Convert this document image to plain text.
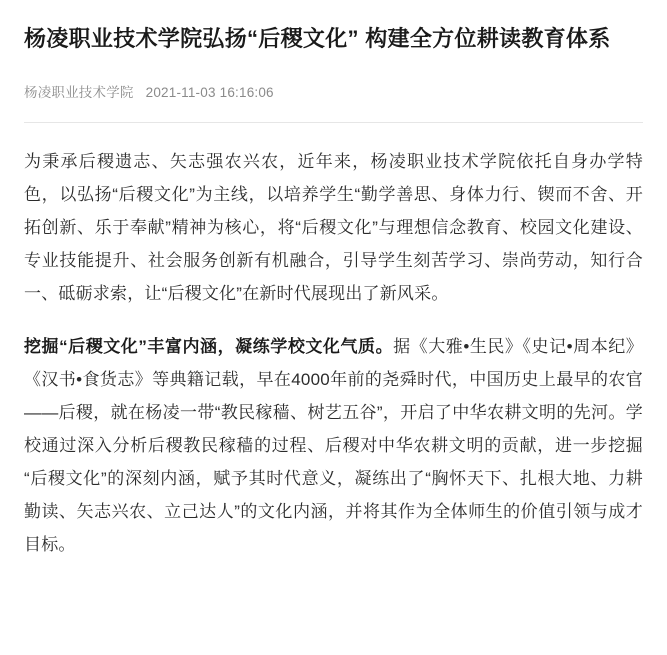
杨凌职业技术学院弘扬“后稷文化” 构建全方位耕读教育体系
杨凌职业技术学院 2021-11-03 16:16:06

为秉承后稷遗志、矢志强农兴农，近年来，杨凌职业技术学院依托自身办学特色，以弘扬“后稷文化”为主线，以培养学生“勤学善思、身体力行、锲而不舍、开拓创新、乐于奉献”精神为核心，将“后稷文化”与理想信念教育、校园文化建设、专业技能提升、社会服务创新有机融合，引导学生刻苦学习、崇尚劳动，知行合一、砥砺求索，让“后稷文化”在新时代展现出了新风采。

挖掘“后稷文化”丰富内涵，凝练学校文化气质。据《大雅•生民》《史记•周本纪》《汉书•食货志》等典籍记载，早在4000年前的尧舜时代，中国历史上最早的农官——后稷，就在杨凌一带“教民稼穑、树艺五谷”，开启了中华农耕文明的先河。学校通过深入分析后稷教民稼穑的过程、后稷对中华农耕文明的贡献，进一步挖掘“后稷文化”的深刻内涵，赋予其时代意义，凝练出了“胸怀天下、扎根大地、力耕勤读、矢志兴农、立己达人”的文化内涵，并将其作为全体师生的价值引领与成才目标。
